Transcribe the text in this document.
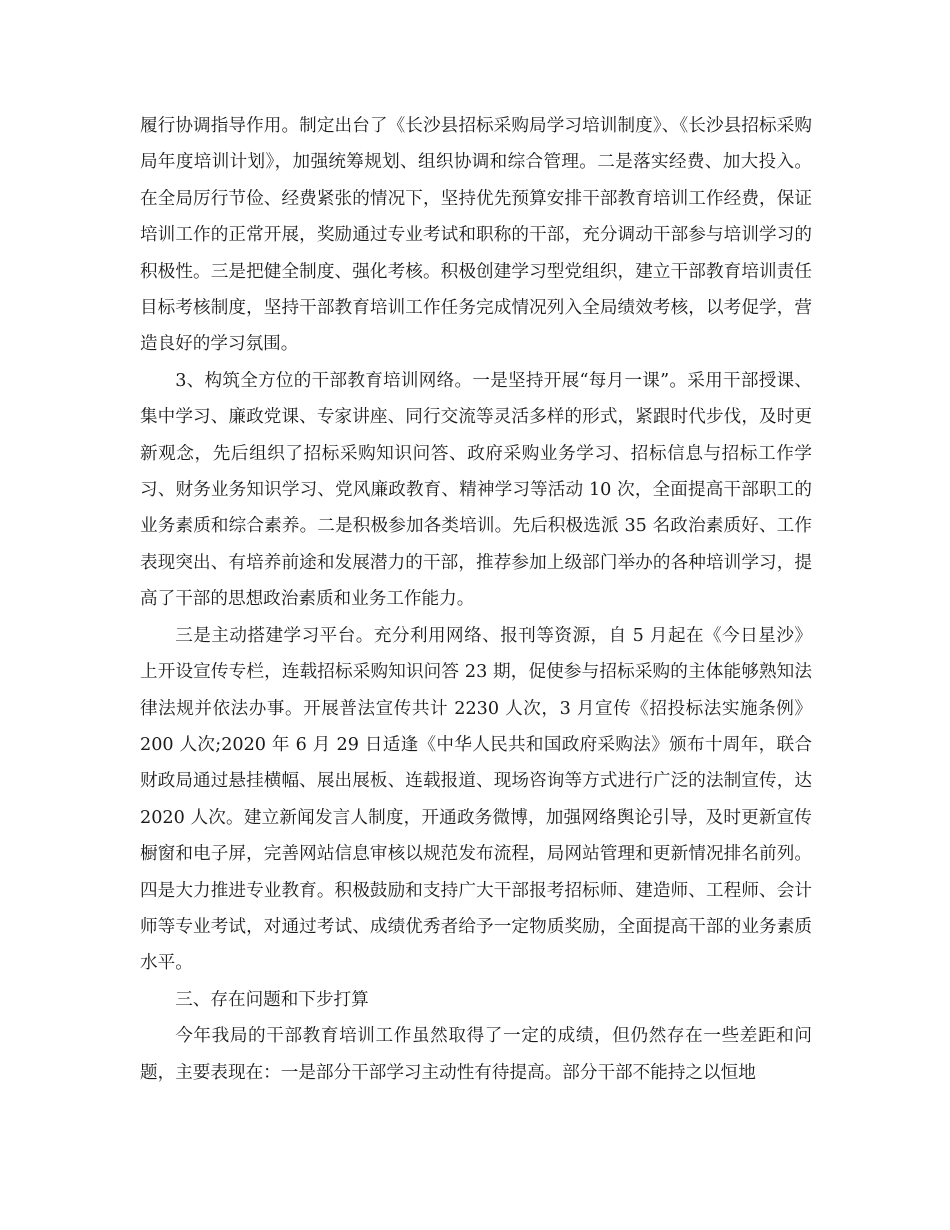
履行协调指导作用。制定出台了《长沙县招标采购局学习培训制度》、《长沙县招标采购局年度培训计划》，加强统筹规划、组织协调和综合管理。二是落实经费、加大投入。在全局厉行节俭、经费紧张的情况下，坚持优先预算安排干部教育培训工作经费，保证培训工作的正常开展，奖励通过专业考试和职称的干部，充分调动干部参与培训学习的积极性。三是把健全制度、强化考核。积极创建学习型党组织，建立干部教育培训责任目标考核制度，坚持干部教育培训工作任务完成情况列入全局绩效考核，以考促学，营造良好的学习氛围。

3、构筑全方位的干部教育培训网络。一是坚持开展“每月一课”。采用干部授课、集中学习、廉政党课、专家讲座、同行交流等灵活多样的形式，紧跟时代步伐，及时更新观念，先后组织了招标采购知识问答、政府采购业务学习、招标信息与招标工作学习、财务业务知识学习、党风廉政教育、精神学习等活动 10 次，全面提高干部职工的业务素质和综合素养。二是积极参加各类培训。先后积极选派 35 名政治素质好、工作表现突出、有培养前途和发展潜力的干部，推荐参加上级部门举办的各种培训学习，提高了干部的思想政治素质和业务工作能力。

三是主动搭建学习平台。充分利用网络、报刊等资源，自 5 月起在《今日星沙》上开设宣传专栏，连载招标采购知识问答 23 期，促使参与招标采购的主体能够熟知法律法规并依法办事。开展普法宣传共计 2230 人次，3 月宣传《招投标法实施条例》200 人次;2020 年 6 月 29 日适逢《中华人民共和国政府采购法》颁布十周年，联合财政局通过悬挂横幅、展出展板、连载报道、现场咨询等方式进行广泛的法制宣传，达 2020 人次。建立新闻发言人制度，开通政务微博，加强网络舆论引导，及时更新宣传橱窗和电子屏，完善网站信息审核以规范发布流程，局网站管理和更新情况排名前列。四是大力推进专业教育。积极鼓励和支持广大干部报考招标师、建造师、工程师、会计师等专业考试，对通过考试、成绩优秀者给予一定物质奖励，全面提高干部的业务素质水平。

三、存在问题和下步打算

今年我局的干部教育培训工作虽然取得了一定的成绩，但仍然存在一些差距和问题，主要表现在：一是部分干部学习主动性有待提高。部分干部不能持之以恒地
